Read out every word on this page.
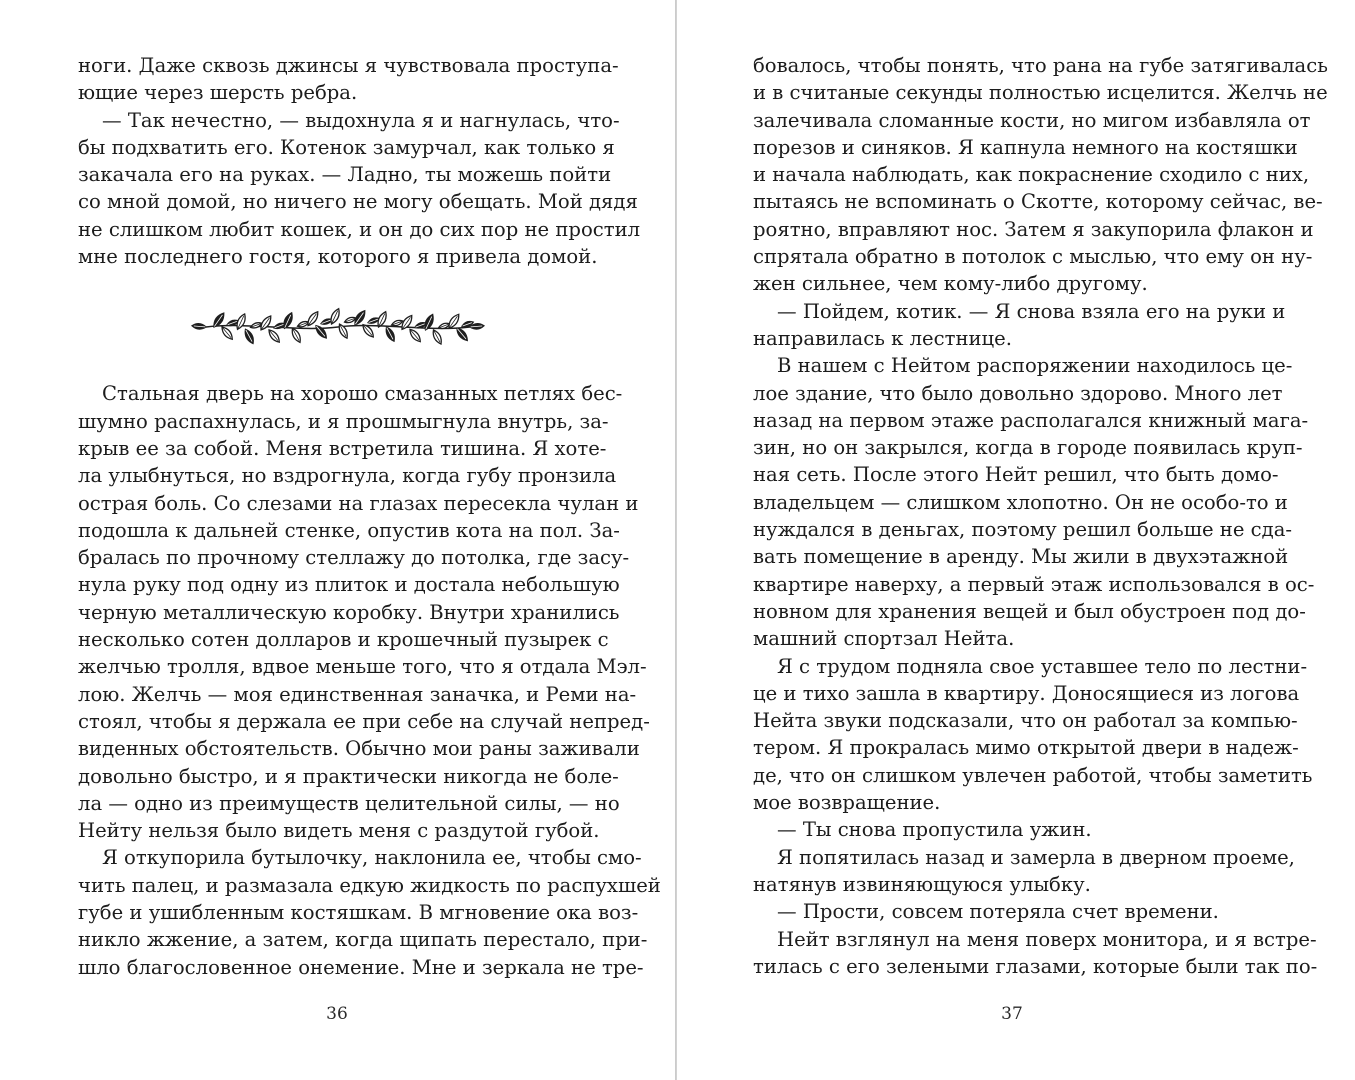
ноги. Даже сквозь джинсы я чувствовала проступа-
ющие через шерсть ребра.
— Так нечестно, — выдохнула я и нагнулась, что-
бы подхватить его. Котенок замурчал, как только я
закачала его на руках. — Ладно, ты можешь пойти
со мной домой, но ничего не могу обещать. Мой дядя
не слишком любит кошек, и он до сих пор не простил
мне последнего гостя, которого я привела домой.
Стальная дверь на хорошо смазанных петлях бес-
шумно распахнулась, и я прошмыгнула внутрь, за-
крыв ее за собой. Меня встретила тишина. Я хоте-
ла улыбнуться, но вздрогнула, когда губу пронзила
острая боль. Со слезами на глазах пересекла чулан и
подошла к дальней стенке, опустив кота на пол. За-
бралась по прочному стеллажу до потолка, где засу-
нула руку под одну из плиток и достала небольшую
черную металлическую коробку. Внутри хранились
несколько сотен долларов и крошечный пузырек с
желчью тролля, вдвое меньше того, что я отдала Мэл-
лою. Желчь — моя единственная заначка, и Реми на-
стоял, чтобы я держала ее при себе на случай непред-
виденных обстоятельств. Обычно мои раны заживали
довольно быстро, и я практически никогда не боле-
ла — одно из преимуществ целительной силы, — но
Нейту нельзя было видеть меня с раздутой губой.
Я откупорила бутылочку, наклонила ее, чтобы смо-
чить палец, и размазала едкую жидкость по распухшей
губе и ушибленным костяшкам. В мгновение ока воз-
никло жжение, а затем, когда щипать перестало, при-
шло благословенное онемение. Мне и зеркала не тре-
бовалось, чтобы понять, что рана на губе затягивалась
и в считаные секунды полностью исцелится. Желчь не
залечивала сломанные кости, но мигом избавляла от
порезов и синяков. Я капнула немного на костяшки
и начала наблюдать, как покраснение сходило с них,
пытаясь не вспоминать о Скотте, которому сейчас, ве-
роятно, вправляют нос. Затем я закупорила флакон и
спрятала обратно в потолок с мыслью, что ему он ну-
жен сильнее, чем кому-либо другому.
— Пойдем, котик. — Я снова взяла его на руки и
направилась к лестнице.
В нашем с Нейтом распоряжении находилось це-
лое здание, что было довольно здорово. Много лет
назад на первом этаже располагался книжный мага-
зин, но он закрылся, когда в городе появилась круп-
ная сеть. После этого Нейт решил, что быть домо-
владельцем — слишком хлопотно. Он не особо-то и
нуждался в деньгах, поэтому решил больше не сда-
вать помещение в аренду. Мы жили в двухэтажной
квартире наверху, а первый этаж использовался в ос-
новном для хранения вещей и был обустроен под до-
машний спортзал Нейта.
Я с трудом подняла свое уставшее тело по лестни-
це и тихо зашла в квартиру. Доносящиеся из логова
Нейта звуки подсказали, что он работал за компью-
тером. Я прокралась мимо открытой двери в надеж-
де, что он слишком увлечен работой, чтобы заметить
мое возвращение.
— Ты снова пропустила ужин.
Я попятилась назад и замерла в дверном проеме,
натянув извиняющуюся улыбку.
— Прости, совсем потеряла счет времени.
Нейт взглянул на меня поверх монитора, и я встре-
тилась с его зелеными глазами, которые были так по-
36	37
